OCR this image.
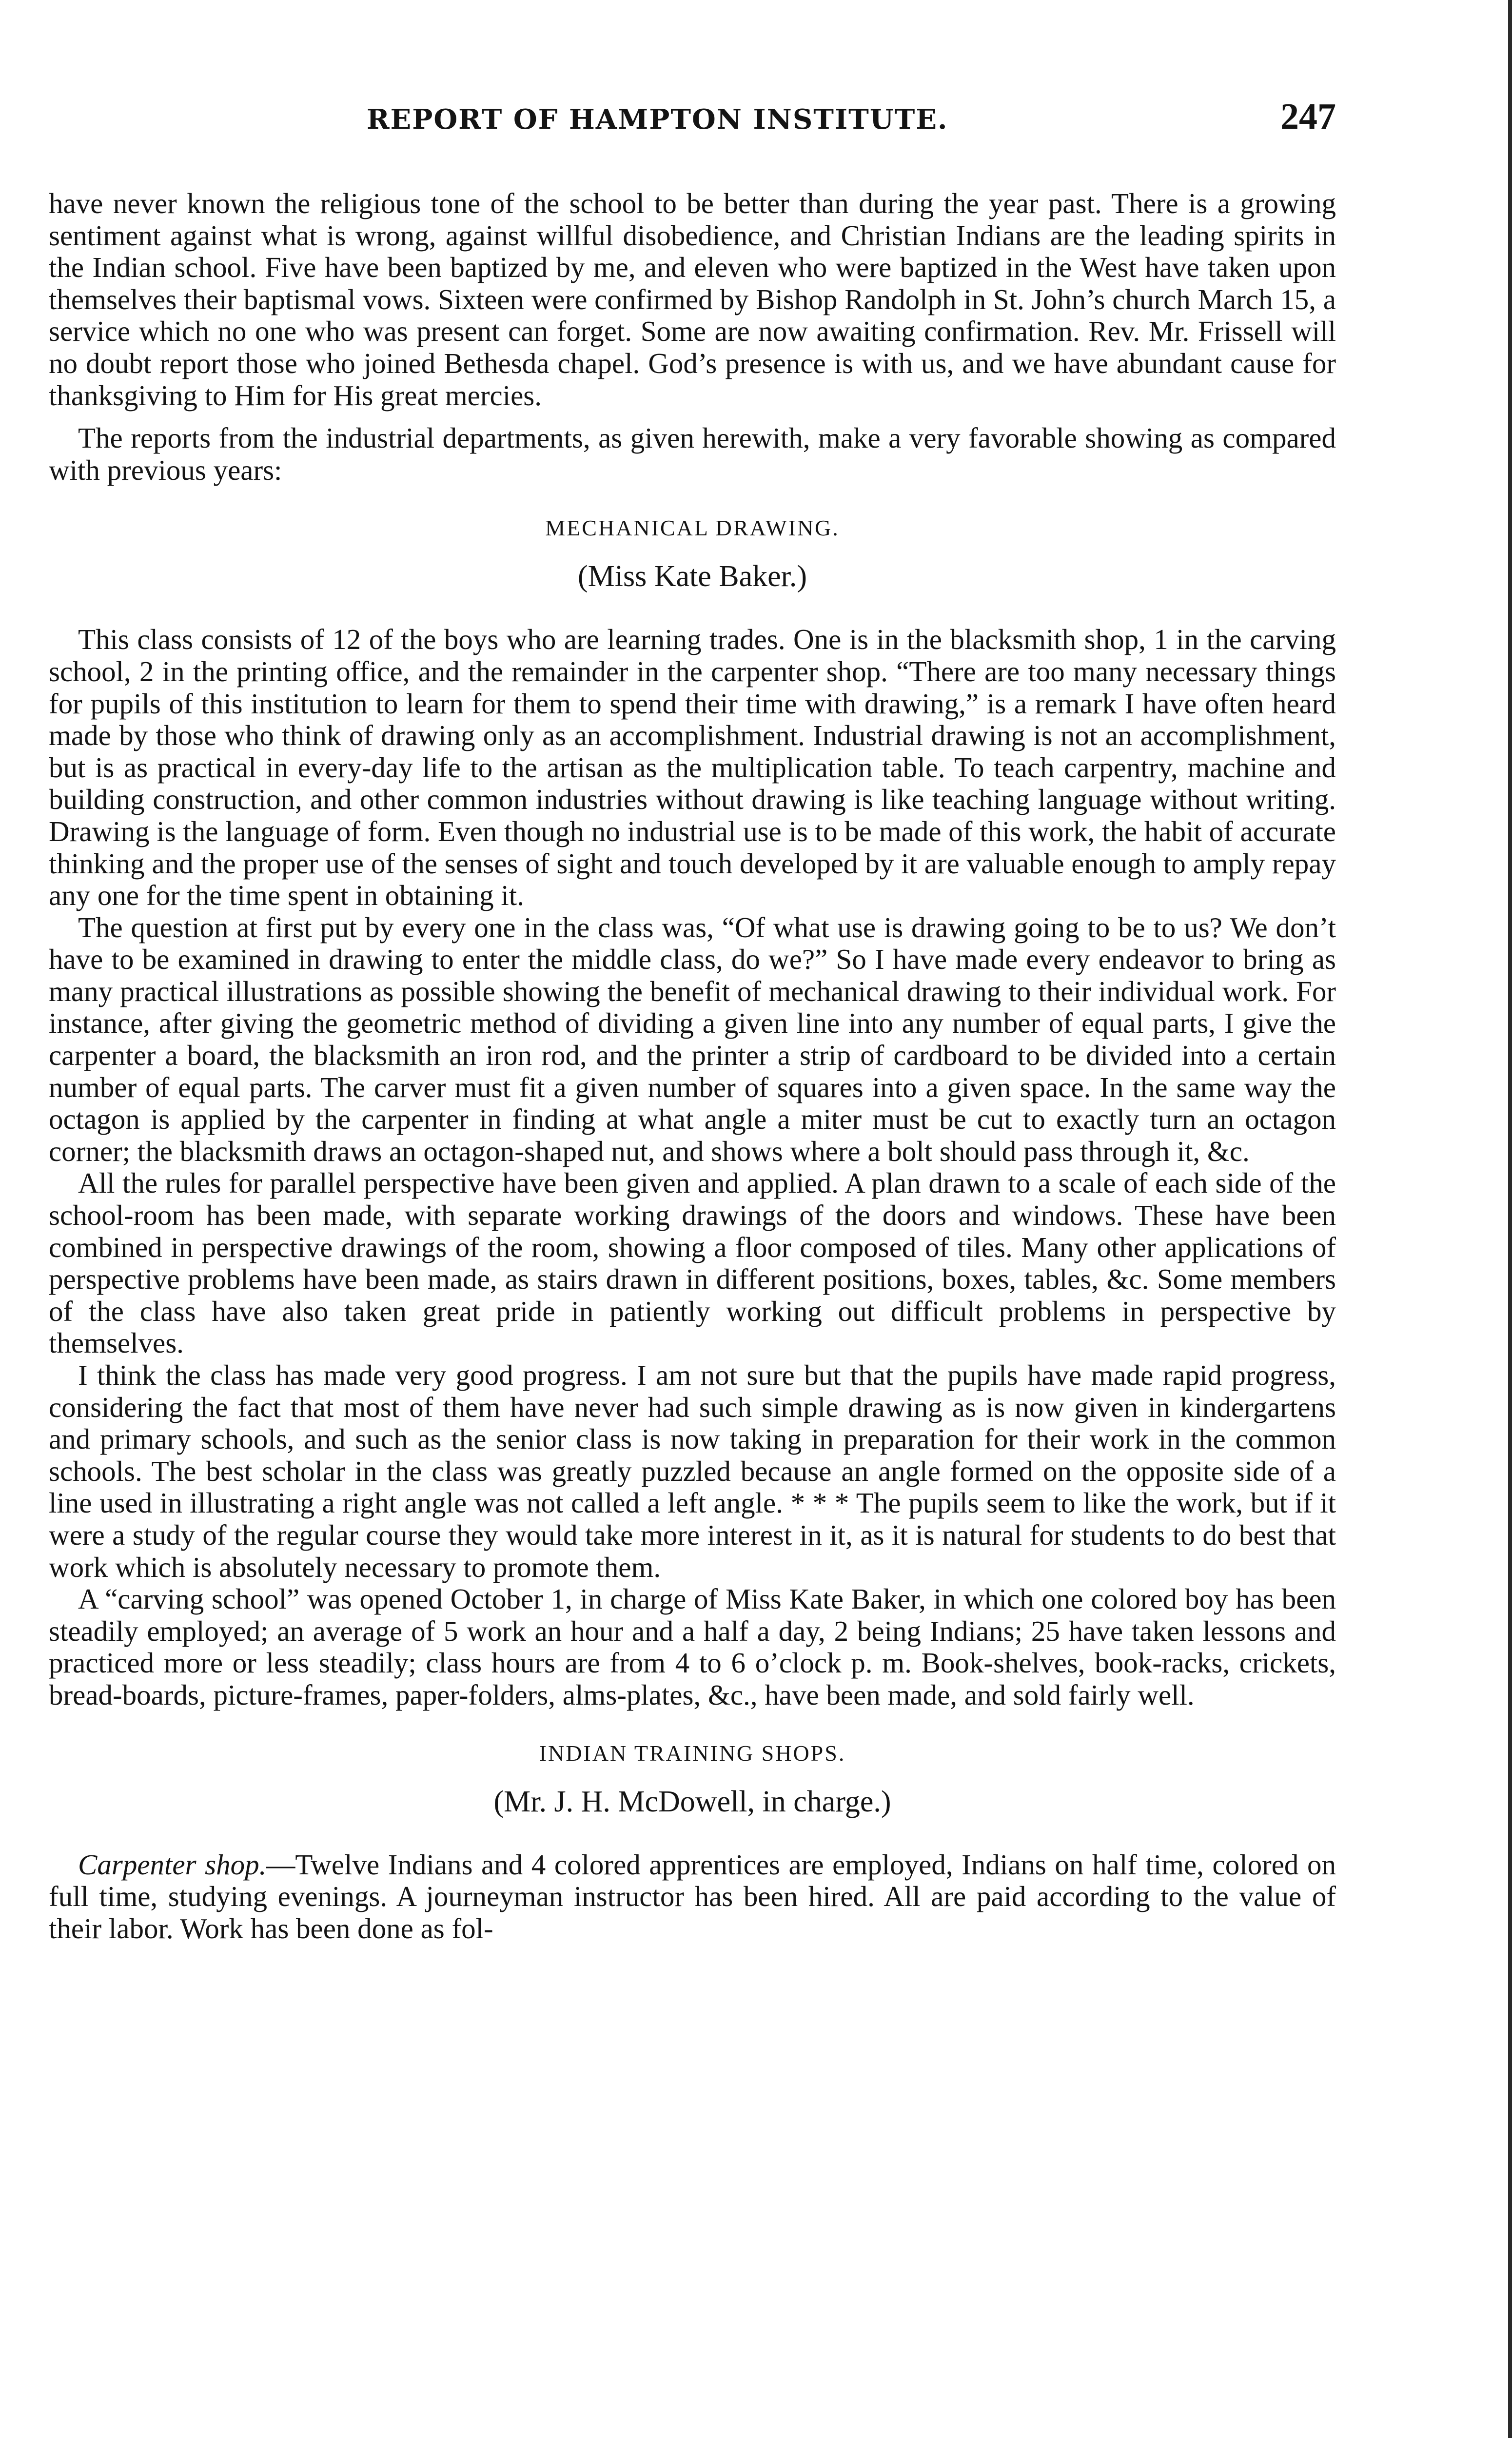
REPORT OF HAMPTON INSTITUTE.	247

have never known the religious tone of the school to be better than during the year past. There is a growing sentiment against what is wrong, against willful disobedience, and Christian Indians are the leading spirits in the Indian school. Five have been baptized by me, and eleven who were baptized in the West have taken upon themselves their baptismal vows. Sixteen were confirmed by Bishop Randolph in St. John’s church March 15, a service which no one who was present can forget. Some are now awaiting confirmation. Rev. Mr. Frissell will no doubt report those who joined Bethesda chapel. God’s presence is with us, and we have abundant cause for thanksgiving to Him for His great mercies.

The reports from the industrial departments, as given herewith, make a very favorable showing as compared with previous years:

MECHANICAL DRAWING.
(Miss Kate Baker.)

This class consists of 12 of the boys who are learning trades. One is in the blacksmith shop, 1 in the carving school, 2 in the printing office, and the remainder in the carpenter shop. “There are too many necessary things for pupils of this institution to learn for them to spend their time with drawing,” is a remark I have often heard made by those who think of drawing only as an accomplishment. Industrial drawing is not an accomplishment, but is as practical in every-day life to the artisan as the multiplication table. To teach carpentry, machine and building construction, and other common industries without drawing is like teaching language without writing. Drawing is the language of form. Even though no industrial use is to be made of this work, the habit of accurate thinking and the proper use of the senses of sight and touch developed by it are valuable enough to amply repay any one for the time spent in obtaining it.

The question at first put by every one in the class was, “Of what use is drawing going to be to us? We don’t have to be examined in drawing to enter the middle class, do we?” So I have made every endeavor to bring as many practical illustrations as possible showing the benefit of mechanical drawing to their individual work. For instance, after giving the geometric method of dividing a given line into any number of equal parts, I give the carpenter a board, the blacksmith an iron rod, and the printer a strip of cardboard to be divided into a certain number of equal parts. The carver must fit a given number of squares into a given space. In the same way the octagon is applied by the carpenter in finding at what angle a miter must be cut to exactly turn an octagon corner; the blacksmith draws an octagon-shaped nut, and shows where a bolt should pass through it, &c.

All the rules for parallel perspective have been given and applied. A plan drawn to a scale of each side of the school-room has been made, with separate working drawings of the doors and windows. These have been combined in perspective drawings of the room, showing a floor composed of tiles. Many other applications of perspective problems have been made, as stairs drawn in different positions, boxes, tables, &c. Some members of the class have also taken great pride in patiently working out difficult problems in perspective by themselves.

I think the class has made very good progress. I am not sure but that the pupils have made rapid progress, considering the fact that most of them have never had such simple drawing as is now given in kindergartens and primary schools, and such as the senior class is now taking in preparation for their work in the common schools. The best scholar in the class was greatly puzzled because an angle formed on the opposite side of a line used in illustrating a right angle was not called a left angle. * * * The pupils seem to like the work, but if it were a study of the regular course they would take more interest in it, as it is natural for students to do best that work which is absolutely necessary to promote them.

A “carving school” was opened October 1, in charge of Miss Kate Baker, in which one colored boy has been steadily employed; an average of 5 work an hour and a half a day, 2 being Indians; 25 have taken lessons and practiced more or less steadily; class hours are from 4 to 6 o’clock p. m. Book-shelves, book-racks, crickets, bread-boards, picture-frames, paper-folders, alms-plates, &c., have been made, and sold fairly well.

INDIAN TRAINING SHOPS.
(Mr. J. H. McDowell, in charge.)

Carpenter shop.—Twelve Indians and 4 colored apprentices are employed, Indians on half time, colored on full time, studying evenings. A journeyman instructor has been hired. All are paid according to the value of their labor. Work has been done as fol-
